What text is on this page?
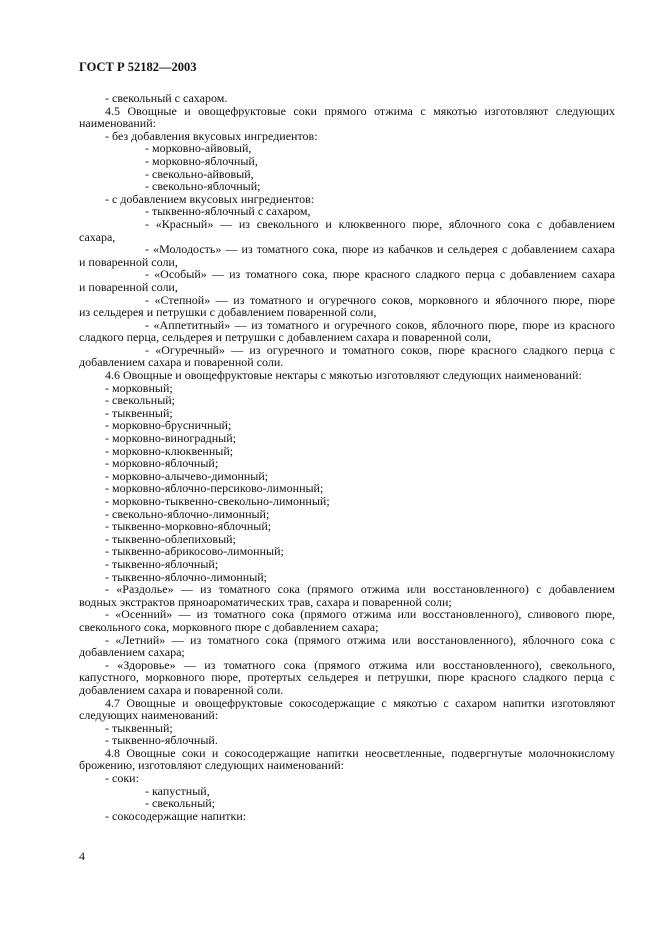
ГОСТ Р 52182—2003
- свекольный с сахаром.
4.5 Овощные и овощефруктовые соки прямого отжима с мякотью изготовляют следующих
наименований:
- без добавления вкусовых ингредиентов:
- морковно-айвовый,
- морковно-яблочный,
- свекольно-айвовый,
- свекольно-яблочный;
- с добавлением вкусовых ингредиентов:
- тыквенно-яблочный с сахаром,
- «Красный» — из свекольного и клюквенного пюре, яблочного сока с добавлением
сахара,
- «Молодость» — из томатного сока, пюре из кабачков и сельдерея с добавлением сахара
и поваренной соли,
- «Особый» — из томатного сока, пюре красного сладкого перца с добавлением сахара
и поваренной соли,
- «Степной» — из томатного и огуречного соков, морковного и яблочного пюре, пюре
из сельдерея и петрушки с добавлением поваренной соли,
- «Аппетитный» — из томатного и огуречного соков, яблочного пюре, пюре из красного
сладкого перца, сельдерея и петрушки с добавлением сахара и поваренной соли,
- «Огуречный» — из огуречного и томатного соков, пюре красного сладкого перца с
добавлением сахара и поваренной соли.
4.6 Овощные и овощефруктовые нектары с мякотью изготовляют следующих наименований:
- морковный;
- свекольный;
- тыквенный;
- морковно-брусничный;
- морковно-виноградный;
- морковно-клюквенный;
- морковно-яблочный;
- морковно-алычево-димонный;
- морковно-яблочно-персиково-лимонный;
- морковно-тыквенно-свекольно-лимонный;
- свекольно-яблочно-лимонный;
- тыквенно-морковно-яблочный;
- тыквенно-облепиховый;
- тыквенно-абрикосово-лимонный;
- тыквенно-яблочный;
- тыквенно-яблочно-лимонный;
- «Раздолье» — из томатного сока (прямого отжима или восстановленного) с добавлением
водных экстрактов пряноароматических трав, сахара и поваренной соли;
- «Осенний» — из томатного сока (прямого отжима или восстановленного), сливового пюре,
свекольного сока, морковного пюре с добавлением сахара;
- «Летний» — из томатного сока (прямого отжима или восстановленного), яблочного сока с
добавлением сахара;
- «Здоровье» — из томатного сока (прямого отжима или восстановленного), свекольного,
капустного, морковного пюре, протертых сельдерея и петрушки, пюре красного сладкого перца с
добавлением сахара и поваренной соли.
4.7 Овощные и овощефруктовые сокосодержащие с мякотью с сахаром напитки изготовляют
следующих наименований:
- тыквенный;
- тыквенно-яблочный.
4.8 Овощные соки и сокосодержащие напитки неосветленные, подвергнутые молочнокислому
брожению, изготовляют следующих наименований:
- соки:
- капустный,
- свекольный;
- сокосодержащие напитки:
4
